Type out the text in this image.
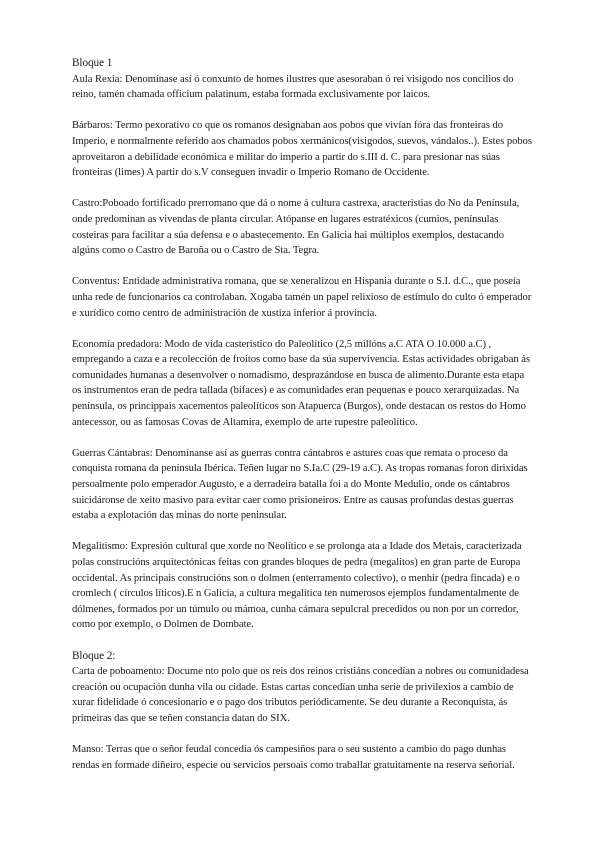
Bloque 1

Aula Rexia: Denomínase así ó conxunto de homes ilustres que asesoraban ó rei visigodo nos concilios do reino, tamén chamada officium palatinum, estaba formada exclusivamente por laicos.

Bárbaros: Termo pexorativo co que os romanos designaban aos pobos que vivían fóra das fronteiras do Imperio, e normalmente referido aos chamados pobos xermánicos(visigodos, suevos, vándalos..). Estes pobos aproveitaron a debilidade económica e militar do imperio a partir do s.III d. C. para presionar nas súas fronteiras (limes) A partir do s.V conseguen invadir o Imperio Romano de Occidente.

Castro:Poboado fortificado prerromano que dá o nome á cultura castrexa, aracteristias do No da Península, onde predominan as vivendas de planta circular. Atópanse en lugares estratéxicos (cumios, penínsulas costeiras para facilitar a súa defensa e o abastecemento. En Galicia hai múltiplos exemplos, destacando algúns como o Castro de Baroña ou o Castro de Sta. Tegra.

Conventus: Entidade administrativa romana, que se xeneralizou en Hispania durante o S.I. d.C., que poseía unha rede de funcionarios ca controlaban. Xogaba tamén un papel relixioso de estímulo do culto ó emperador e xurídico como centro de administración de xustiza inferior á provincia.

Economía predadora: Modo de vida casteristico do Paleolítico (2,5 millóns a.C ATA O 10.000 a.C) , empregando a caza e a recolección de froitos como base da súa supervivencia. Estas actividades obrigaban ás comunidades humanas a desenvolver o nomadismo, desprazándose en busca de alimento.Durante esta etapa os instrumentos eran de pedra tallada (bifaces) e as comunidades eran pequenas e pouco xerarquizadas. Na península, os princippais xacementos paleolíticos son Atapuerca (Burgos), onde destacan os restos do Homo antecessor, ou as famosas Covas de Altamira, exemplo de arte rupestre paleolítico.

Guerras Cántabras: Denomínanse así as guerras contra cántabros e astures coas que remata o proceso da conquista romana da península Ibérica. Teñen lugar no S.Ia.C (29-19 a.C). As tropas romanas foron dirixidas persoalmente polo emperador Augusto, e a derradeira batalla foi a do Monte Medulio, onde os cántabros suicidáronse de xeito masivo para evitar caer como prisioneiros. Entre as causas profundas destas guerras estaba a explotación das minas do norte peninsular.

Megalitismo: Expresión cultural que xorde no Neolítico e se prolonga ata a Idade dos Metais, caracterizada polas construcións arquitectónicas feitas con grandes bloques de pedra (megalitos) en gran parte de Europa occidental. As principais construcións son o dolmen (enterramento colectivo), o menhir (pedra fincada) e o cromlech ( círculos líticos).E n Galicia, a cultura megalítica ten numerosos ejemplos fundamentalmente de dólmenes, formados por un túmulo ou mámoa, cunha cámara sepulcral precedidos ou non por un corredor, como por exemplo, o Dolmen de Dombate.

Bloque 2:

Carta de poboamento: Docume nto polo que os reis dos reinos cristiáns concedían a nobres ou comunidadesa creación ou ocupación dunha vila ou cidade. Estas cartas concedían unha serie de privilexios a cambio de xurar fidelidade ó concesionario e o pago dos tributos periódicamente. Se deu durante a Reconquista, ás primeiras das que se teñen constancia datan do SIX.

Manso: Terras que o señor feudal concedía ós campesiños para o seu sustento a cambio do pago dunhas rendas en formade diñeiro, especie ou servicios persoais como traballar gratuitamente na reserva señorial.
